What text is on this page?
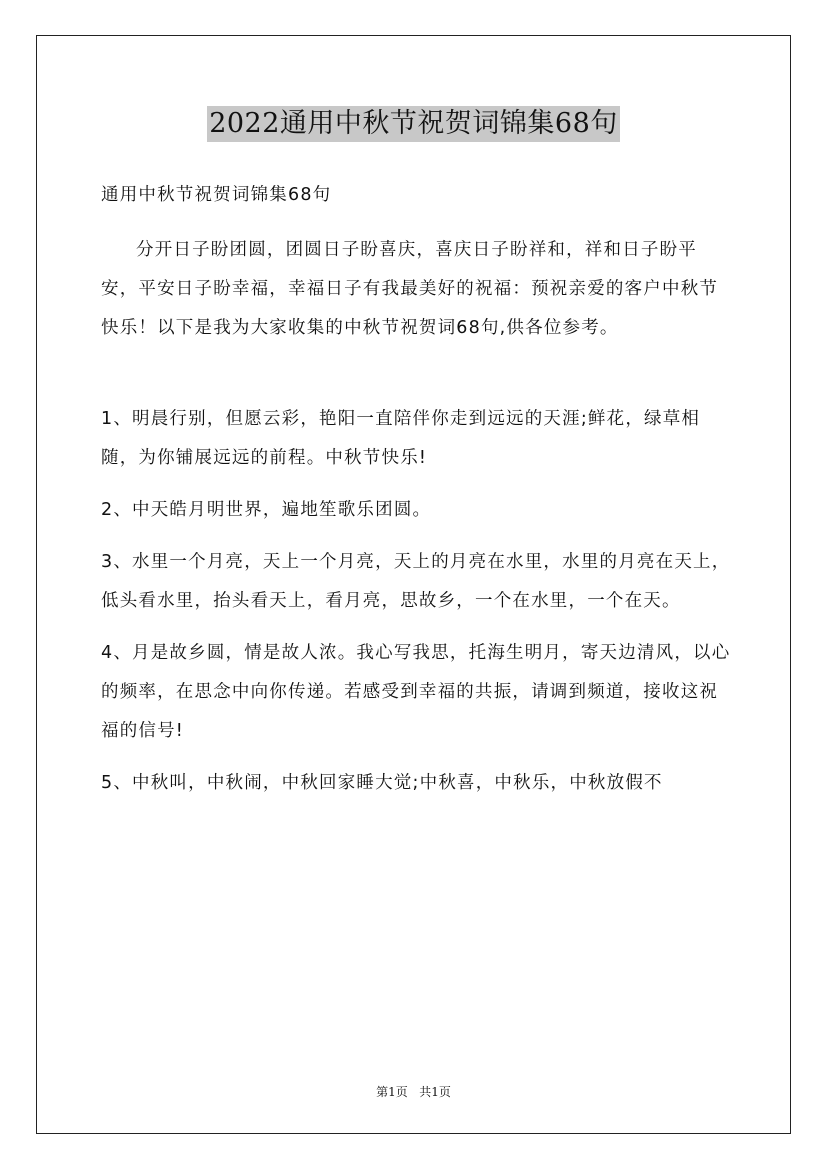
2022通用中秋节祝贺词锦集68句

通用中秋节祝贺词锦集68句

分开日子盼团圆，团圆日子盼喜庆，喜庆日子盼祥和，祥和日子盼平安，平安日子盼幸福，幸福日子有我最美好的祝福：预祝亲爱的客户中秋节快乐！以下是我为大家收集的中秋节祝贺词68句,供各位参考。

1、明晨行别，但愿云彩，艳阳一直陪伴你走到远远的天涯;鲜花，绿草相随，为你铺展远远的前程。中秋节快乐!

2、中天皓月明世界，遍地笙歌乐团圆。

3、水里一个月亮，天上一个月亮，天上的月亮在水里，水里的月亮在天上，低头看水里，抬头看天上，看月亮，思故乡，一个在水里，一个在天。

4、月是故乡圆，情是故人浓。我心写我思，托海生明月，寄天边清风，以心的频率，在思念中向你传递。若感受到幸福的共振，请调到频道，接收这祝福的信号!

5、中秋叫，中秋闹，中秋回家睡大觉;中秋喜，中秋乐，中秋放假不

第1页 共1页
